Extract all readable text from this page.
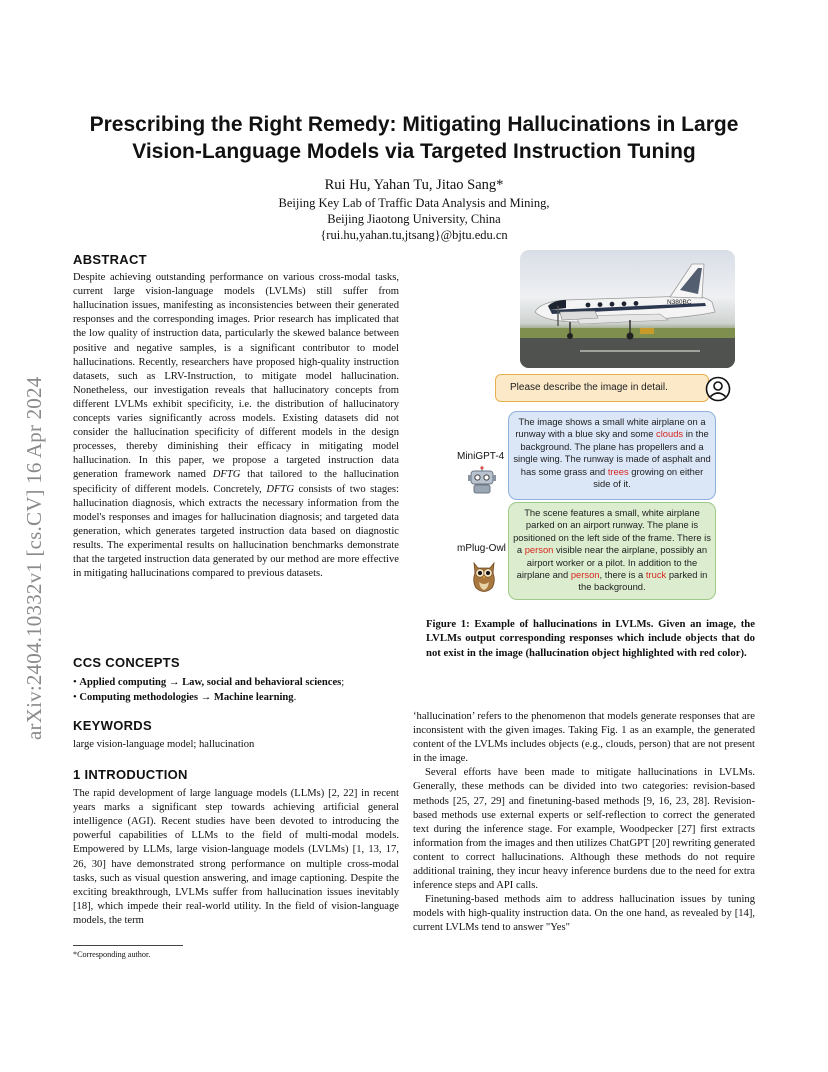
arXiv:2404.10332v1 [cs.CV] 16 Apr 2024
Prescribing the Right Remedy: Mitigating Hallucinations in Large
Vision-Language Models via Targeted Instruction Tuning
Rui Hu, Yahan Tu, Jitao Sang*
Beijing Key Lab of Traffic Data Analysis and Mining,
Beijing Jiaotong University, China
{rui.hu,yahan.tu,jtsang}@bjtu.edu.cn

ABSTRACT

Despite achieving outstanding performance on various cross-modal tasks, current large vision-language models (LVLMs) still suffer from hallucination issues, manifesting as inconsistencies between their generated responses and the corresponding images. Prior research has implicated that the low quality of instruction data, particularly the skewed balance between positive and negative samples, is a significant contributor to model hallucinations. Recently, researchers have proposed high-quality instruction datasets, such as LRV-Instruction, to mitigate model hallucination. Nonetheless, our investigation reveals that hallucinatory concepts from different LVLMs exhibit specificity, i.e. the distribution of hallucinatory concepts varies significantly across models. Existing datasets did not consider the hallucination specificity of different models in the design processes, thereby diminishing their efficacy in mitigating model hallucination. In this paper, we propose a targeted instruction data generation framework named DFTG that tailored to the hallucination specificity of different models. Concretely, DFTG consists of two stages: hallucination diagnosis, which extracts the necessary information from the model's responses and images for hallucination diagnosis; and targeted data generation, which generates targeted instruction data based on diagnostic results. The experimental results on hallucination benchmarks demonstrate that the targeted instruction data generated by our method are more effective in mitigating hallucinations compared to previous datasets.

CCS CONCEPTS

• Applied computing → Law, social and behavioral sciences;

• Computing methodologies → Machine learning.

KEYWORDS

large vision-language model; hallucination

1 INTRODUCTION

The rapid development of large language models (LLMs) [2, 22] in recent years marks a significant step towards achieving artificial general intelligence (AGI). Recent studies have been devoted to introducing the powerful capabilities of LLMs to the field of multi-modal models. Empowered by LLMs, large vision-language models (LVLMs) [1, 13, 17, 26, 30] have demonstrated strong performance on multiple cross-modal tasks, such as visual question answering, and image captioning. Despite the exciting breakthrough, LVLMs suffer from hallucination issues inevitably [18], which impede their real-world utility. In the field of vision-language models, the term

*Corresponding author.
N380BC
Please describe the image in detail.
MiniGPT-4
The image shows a small white airplane on a runway with a blue sky and some clouds in the background. The plane has propellers and a single wing. The runway is made of asphalt and has some grass and trees growing on either side of it.
mPlug-Owl
The scene features a small, white airplane parked on an airport runway. The plane is positioned on the left side of the frame. There is a person visible near the airplane, possibly an airport worker or a pilot. In addition to the airplane and person, there is a truck parked in the background.
Figure 1: Example of hallucinations in LVLMs. Given an image, the LVLMs output corresponding responses which include objects that do not exist in the image (hallucination object highlighted with red color).

‘hallucination’ refers to the phenomenon that models generate responses that are inconsistent with the given images. Taking Fig. 1 as an example, the generated content of the LVLMs includes objects (e.g., clouds, person) that are not present in the image.

Several efforts have been made to mitigate hallucinations in LVLMs. Generally, these methods can be divided into two categories: revision-based methods [25, 27, 29] and finetuning-based methods [9, 16, 23, 28]. Revision-based methods use external experts or self-reflection to correct the generated text during the inference stage. For example, Woodpecker [27] first extracts information from the images and then utilizes ChatGPT [20] rewriting generated content to correct hallucinations. Although these methods do not require additional training, they incur heavy inference burdens due to the need for extra inference steps and API calls.

Finetuning-based methods aim to address hallucination issues by tuning models with high-quality instruction data. On the one hand, as revealed by [14], current LVLMs tend to answer "Yes"
